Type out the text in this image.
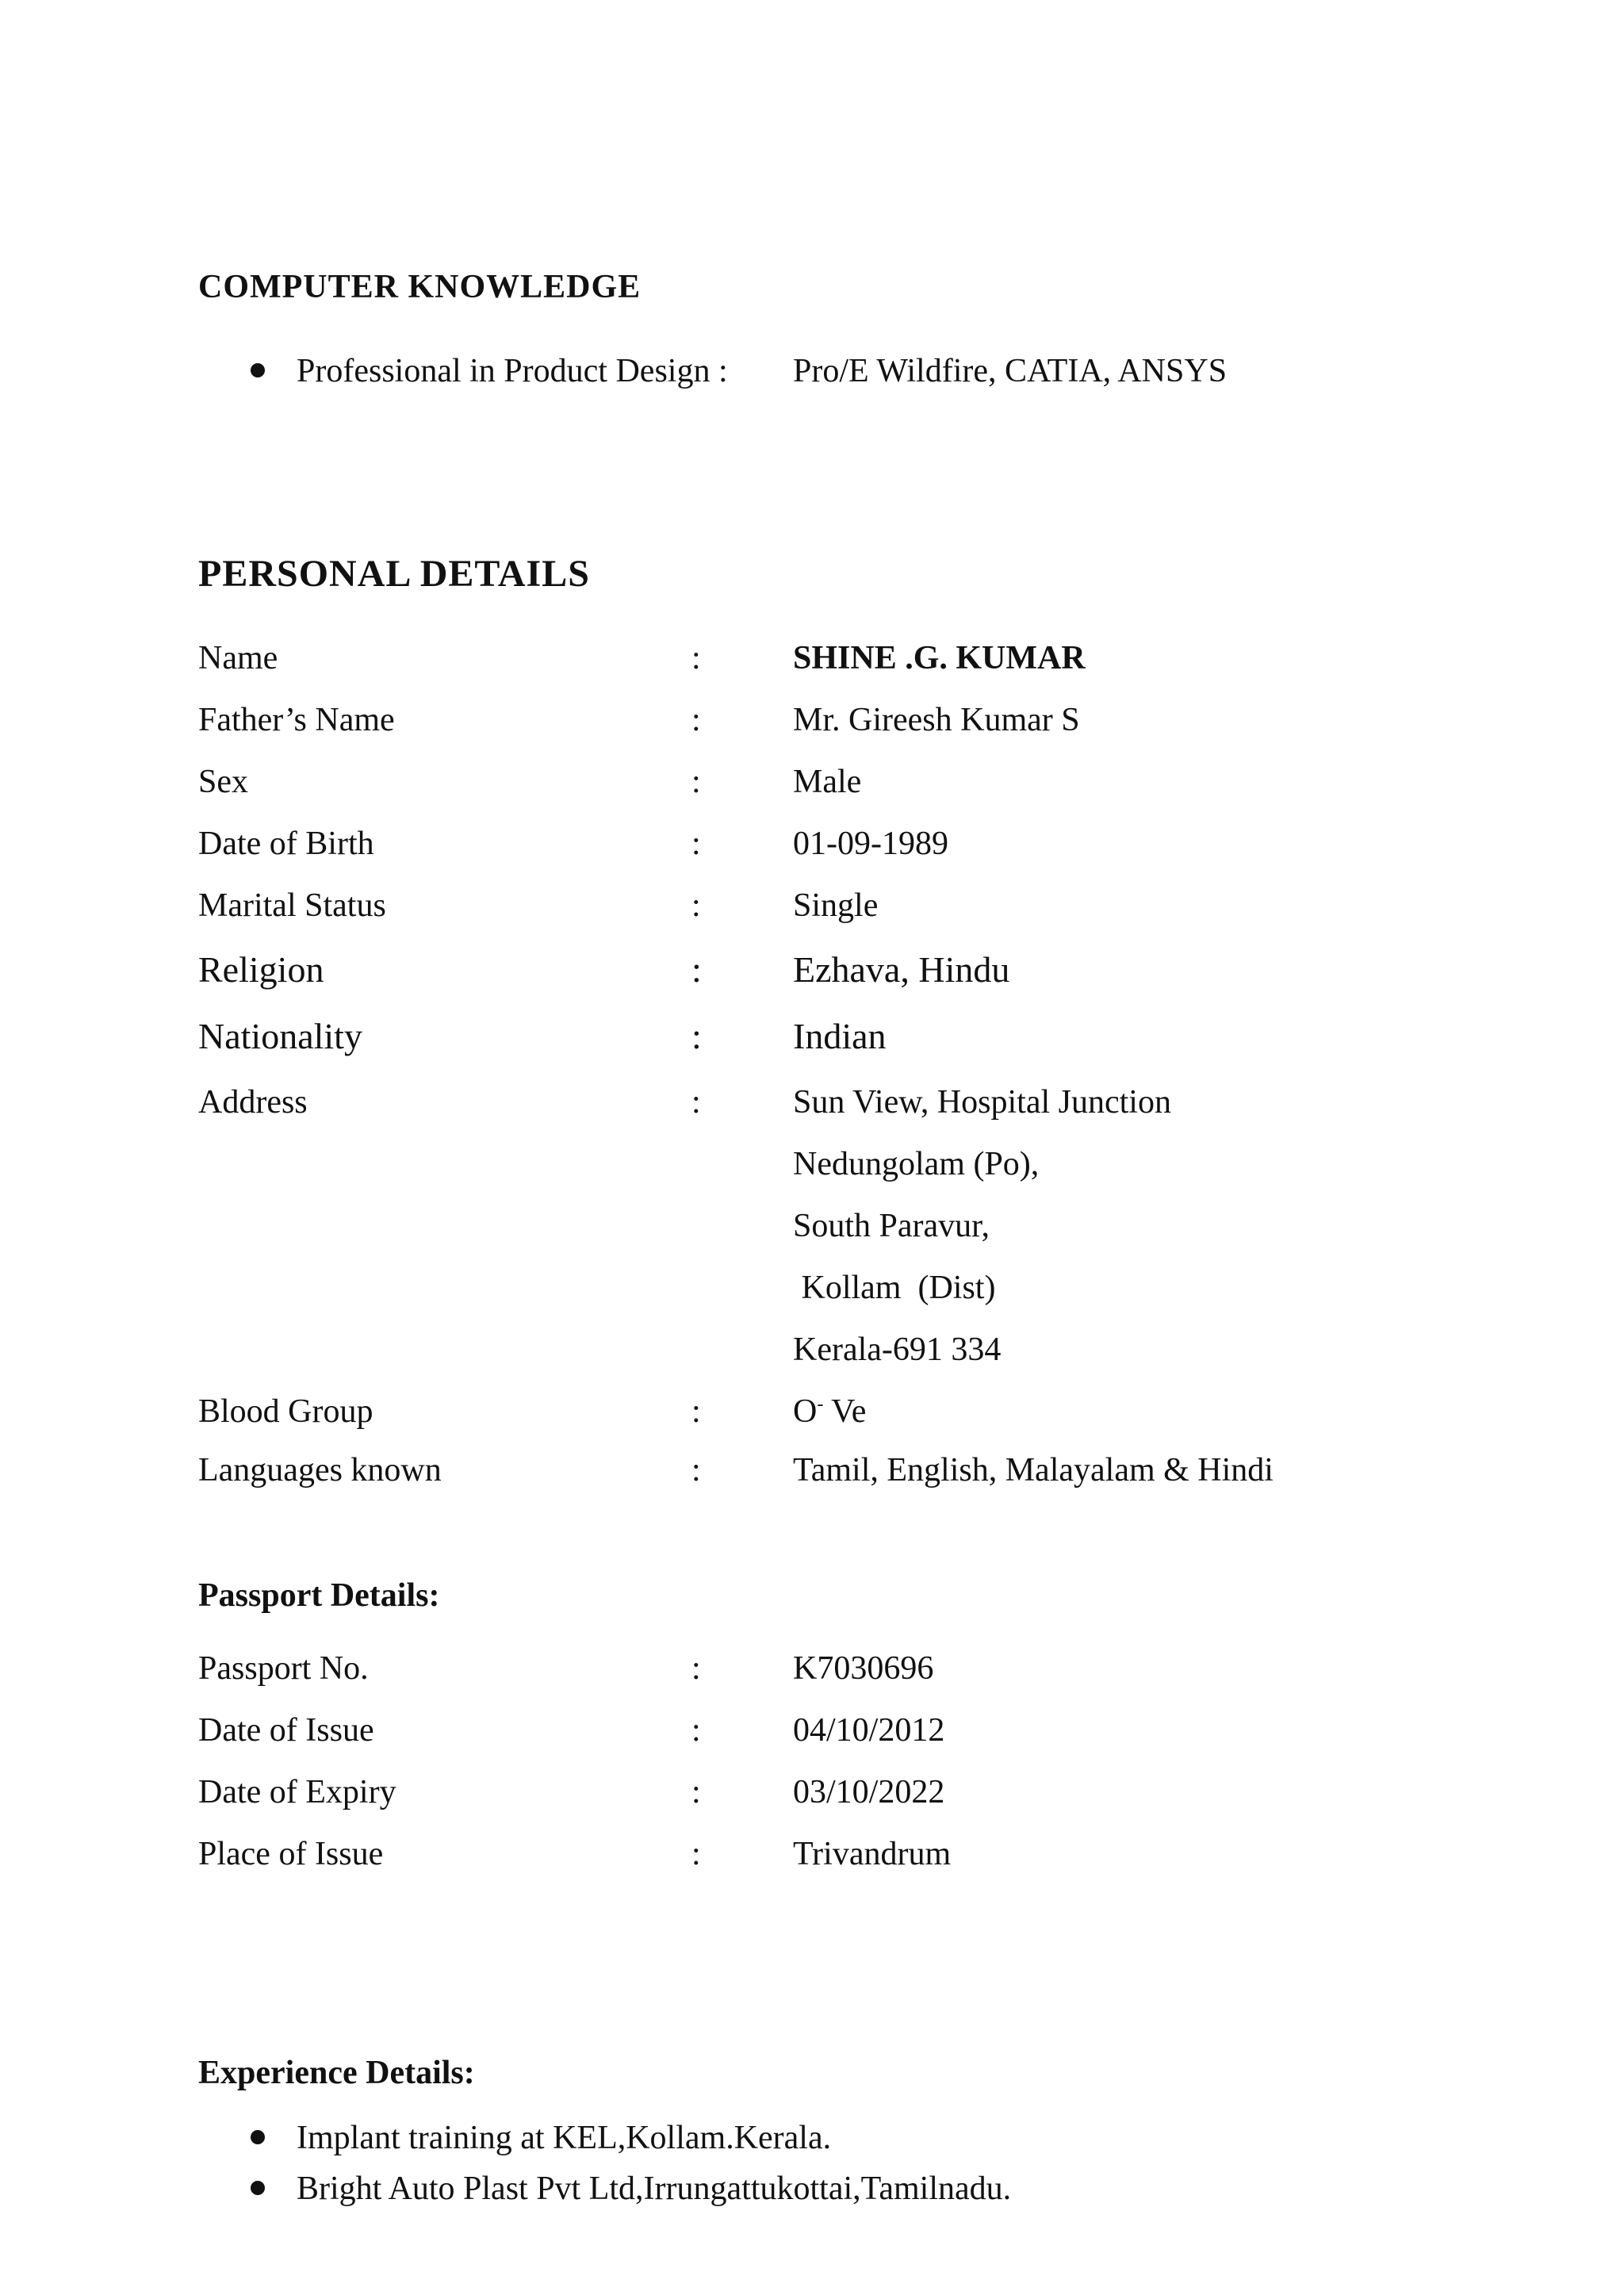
COMPUTER KNOWLEDGE
Professional in Product Design : Pro/E Wildfire, CATIA, ANSYS
PERSONAL DETAILS
Name	:	SHINE .G. KUMAR
Father’s Name	:	Mr. Gireesh Kumar S
Sex	:	Male
Date of Birth	:	01-09-1989
Marital Status	:	Single
Religion	:	Ezhava, Hindu
Nationality	:	Indian
Address	:	Sun View, Hospital Junction
Nedungolam (Po),
South Paravur,
Kollam  (Dist)
Kerala-691 334
Blood Group	:	O- Ve
Languages known	:	Tamil, English, Malayalam & Hindi
Passport Details:
Passport No.	:	K7030696
Date of Issue	:	04/10/2012
Date of Expiry	:	03/10/2022
Place of Issue	:	Trivandrum
Experience Details:
Implant training at KEL,Kollam.Kerala.
Bright Auto Plast Pvt Ltd,Irrungattukottai,Tamilnadu.
